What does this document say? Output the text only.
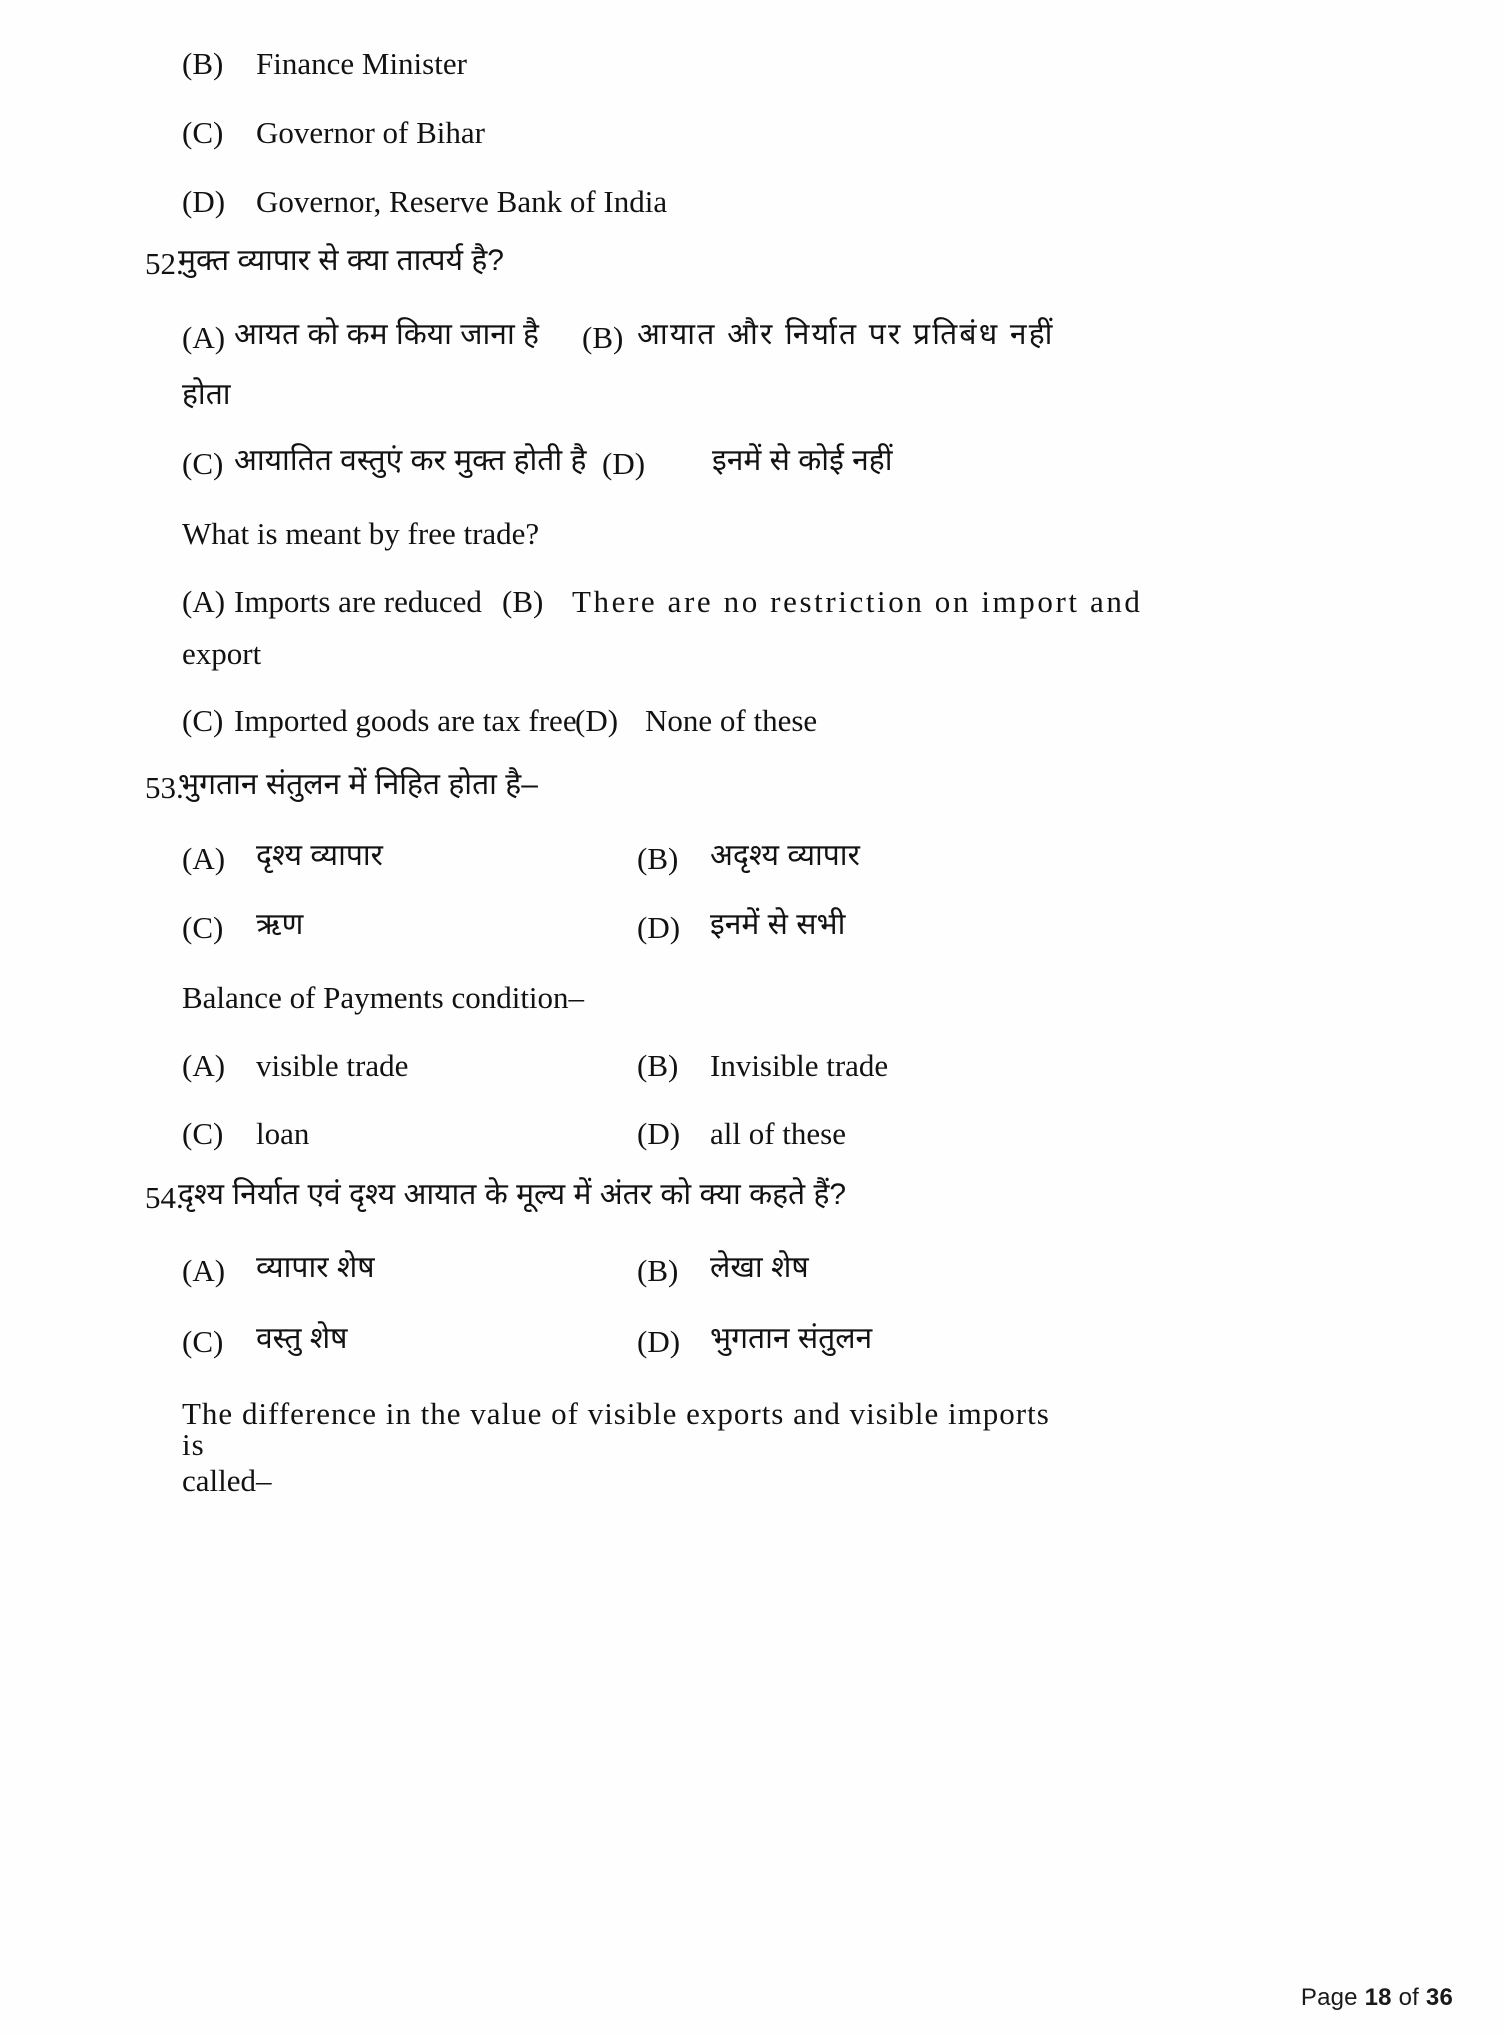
(B) Finance Minister
(C) Governor of Bihar
(D) Governor, Reserve Bank of India
52.
मुक्त व्यापार से क्या तात्पर्य है?
(A) आयत को कम किया जाना है (B) आयात और निर्यात पर प्रतिबंध नहीं
होता
(C) आयातित वस्तुएं कर मुक्त होती है (D) इनमें से कोई नहीं
What is meant by free trade?
(A) Imports are reduced (B) There are no restriction on import and
export
(C) Imported goods are tax free
(D) None of these
53.
भुगतान संतुलन में निहित होता है–
(A) दृश्य व्यापार	(B) अदृश्य व्यापार
(C) ऋण	(D) इनमें से सभी
Balance of Payments condition–
(A) visible trade	(B) Invisible trade
(C) loan	(D) all of these
54.
दृश्य निर्यात एवं दृश्य आयात के मूल्य में अंतर को क्या कहते हैं?
(A) व्यापार शेष	(B) लेखा शेष
(C) वस्तु शेष	(D) भुगतान संतुलन
The difference in the value of visible exports and visible imports is
called–
Page 18 of 36
